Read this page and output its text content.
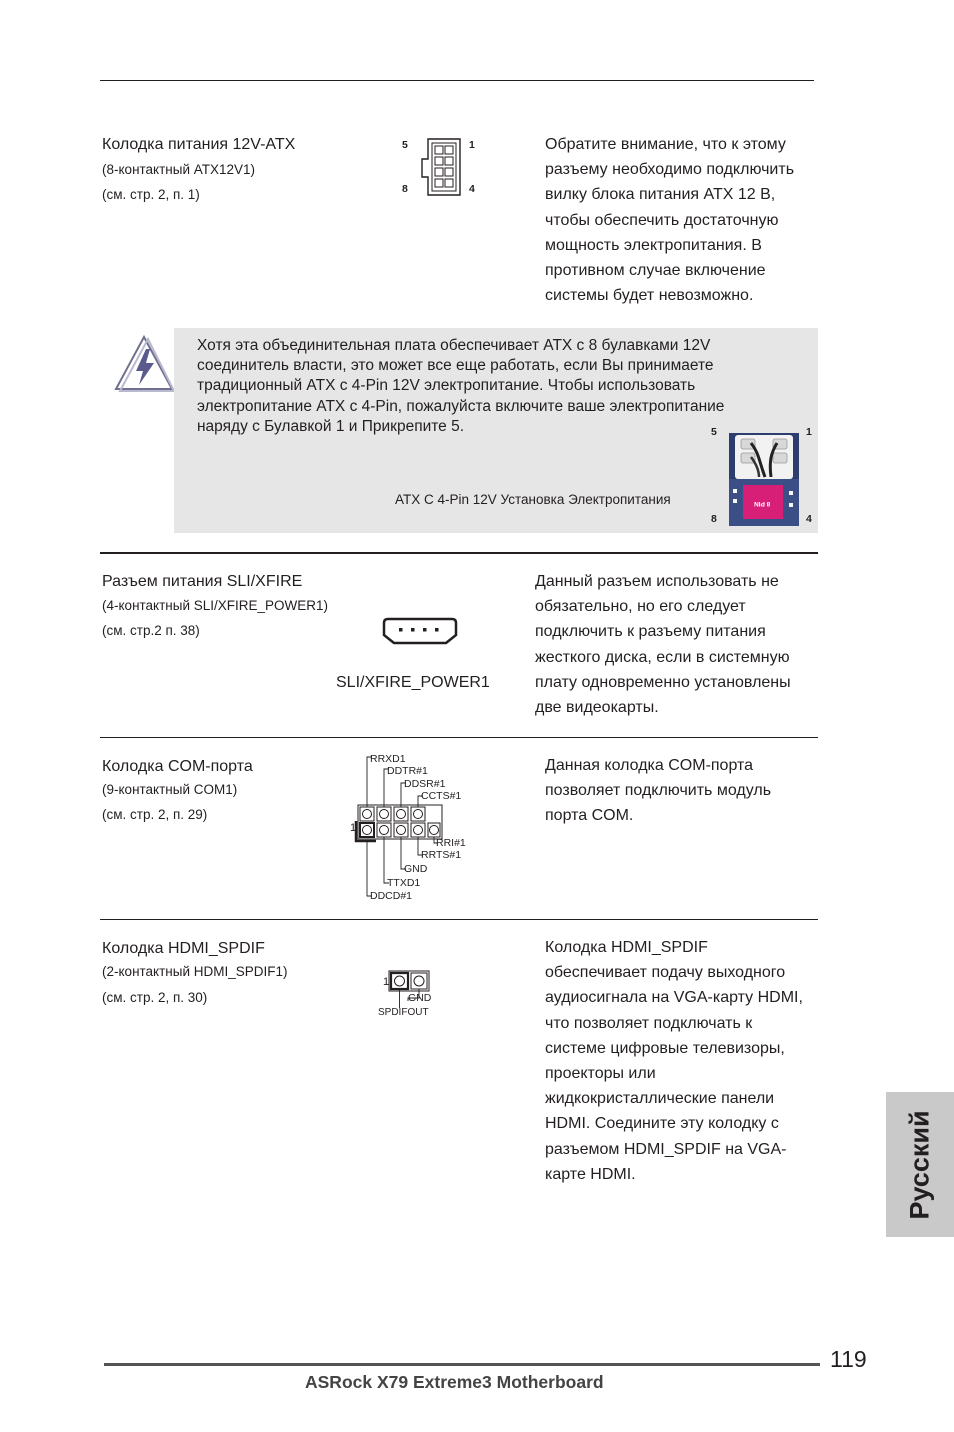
Колодка питания 12V-ATX
(8-контактный ATX12V1)
(см. стр. 2, п. 1)
5	1
8	4
Обратите внимание, что к этому
разъему необходимо подключить
вилку блока питания ATX 12 В,
чтобы обеспечить достаточную
мощность электропитания. В
противном случае включение
системы будет невозможно.
Хотя эта объединительная плата обеспечивает ATX с 8 булавками 12V
соединитель власти, это может все еще работать, если Вы принимаете
традиционный ATX с 4-Pin 12V электропитание. Чтобы использовать
электропитание ATX с 4-Pin, пожалуйста включите ваше электропитание
наряду с Булавкой 1 и Прикрепите 5.
ATX С 4-Pin 12V Установка Электропитания
5	1
8	4
8 PIN
Разъем питания SLI/XFIRE
(4-контактный SLI/XFIRE_POWER1)
(см. стр.2 п. 38)
SLI/XFIRE_POWER1
Данный разъем использовать не
обязательно, но его следует
подключить к разъему питания
жесткого диска, если в системную
плату одновременно установлены
две видеокарты.
Колодка COM-порта
(9-контактный COM1)
(см. стр. 2, п. 29)
1
RRXD1
DDTR#1
DDSR#1
CCTS#1
RRI#1
RRTS#1
GND
TTXD1
DDCD#1
Данная колодка COM-порта
позволяет подключить модуль
порта COM.
Колодка HDMI_SPDIF
(2-контактный HDMI_SPDIF1)
(см. стр. 2, п. 30)
1
GND
SPDIFOUT
Колодка HDMI_SPDIF
обеспечивает подачу выходного
аудиосигнала на VGA-карту HDMI,
что позволяет подключать к
системе цифровые телевизоры,
проекторы или
жидкокристаллические панели
HDMI. Соедините эту колодку с
разъемом HDMI_SPDIF на VGA-
карте HDMI.	Русский
119
ASRock X79 Extreme3 Motherboard
